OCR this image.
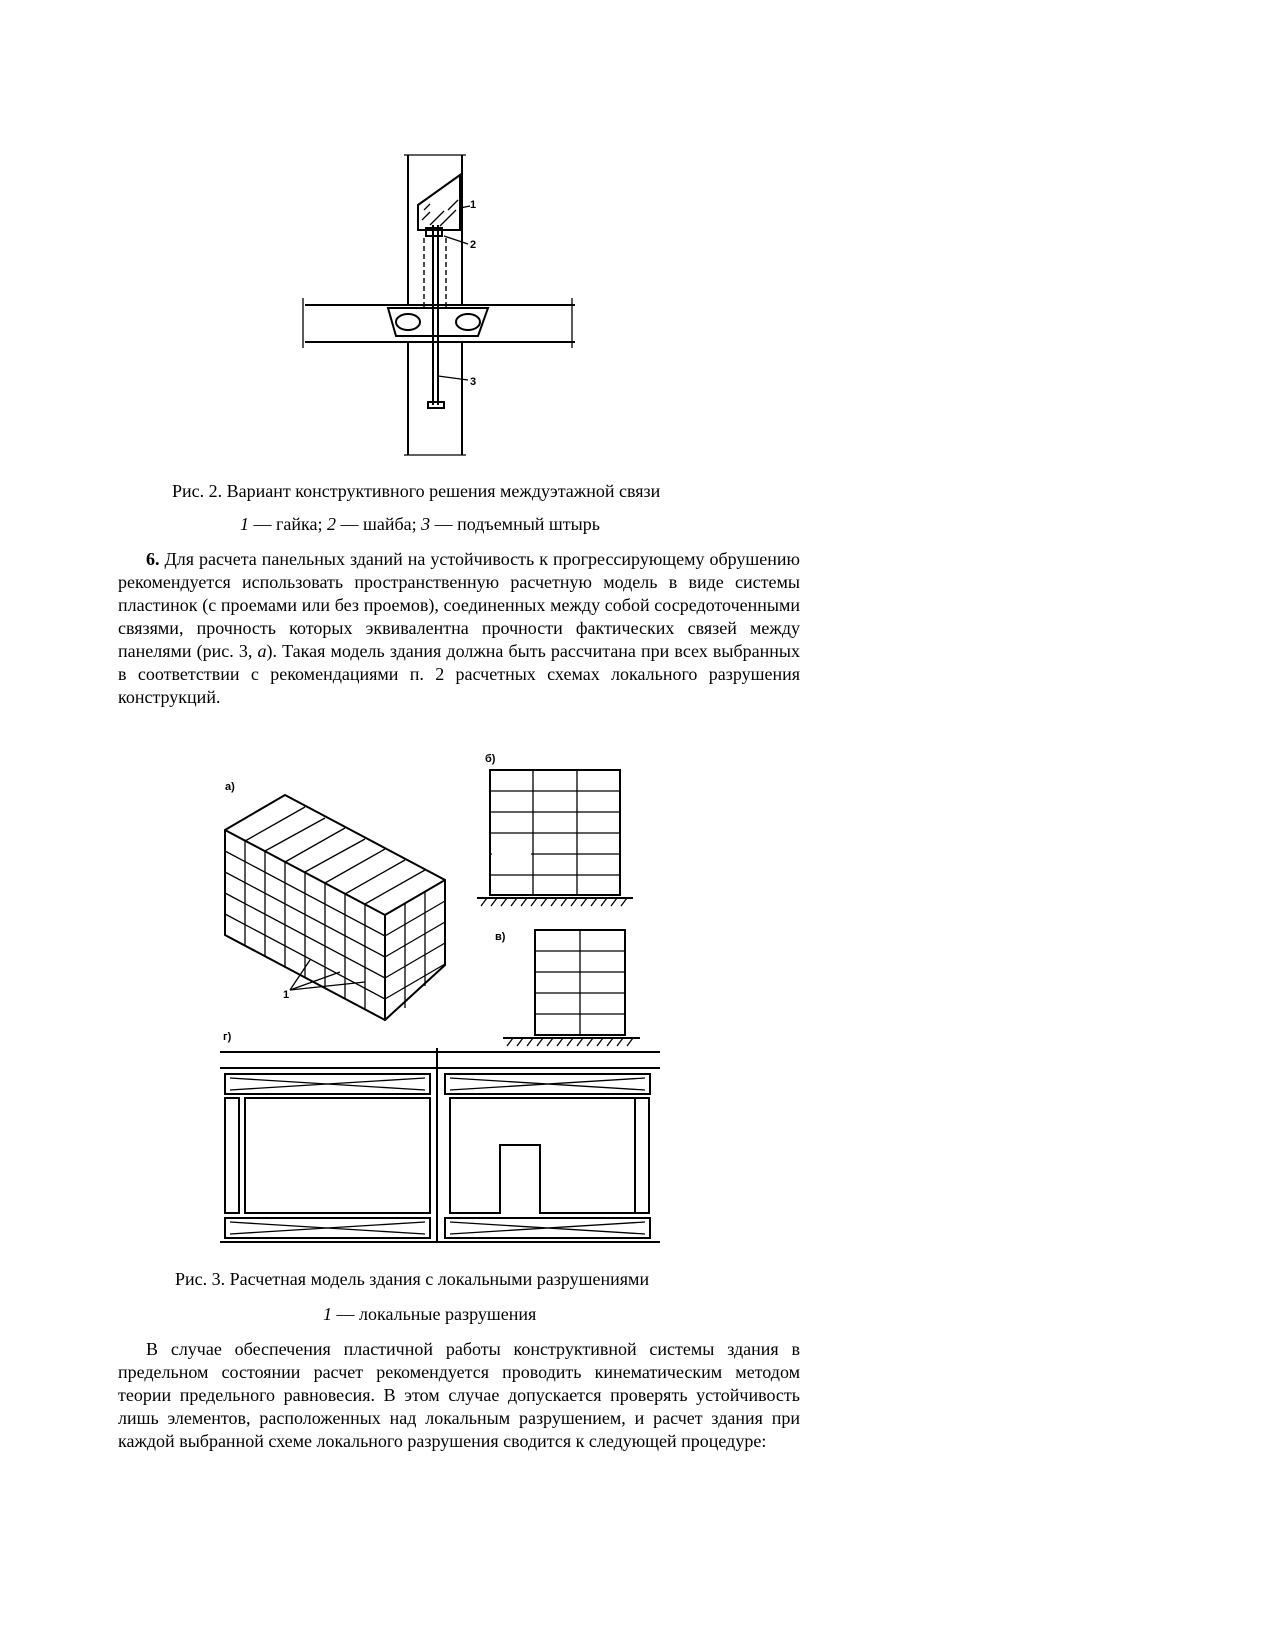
1
2
3
Рис. 2. Вариант конструктивного решения междуэтажной связи
1 — гайка; 2 — шайба; 3 — подъемный штырь

6. Для расчета панельных зданий на устойчивость к прогрессирующему обрушению рекомендуется использовать пространственную расчетную модель в виде системы пластинок (с проемами или без проемов), соединенных между собой сосредоточенными связями, прочность которых эквивалентна прочности фактических связей между панелями (рис. 3, а). Такая модель здания должна быть рассчитана при всех выбранных в соответствии с рекомендациями п. 2 расчетных схемах локального разрушения конструкций.

а)
1
б)
в)
г)
Рис. 3. Расчетная модель здания с локальными разрушениями
1 — локальные разрушения

В случае обеспечения пластичной работы конструктивной системы здания в предельном состоянии расчет рекомендуется проводить кинематическим методом теории предельного равновесия. В этом случае допускается проверять устойчивость лишь элементов, расположенных над локальным разрушением, и расчет здания при каждой выбранной схеме локального разрушения сводится к следующей процедуре:
